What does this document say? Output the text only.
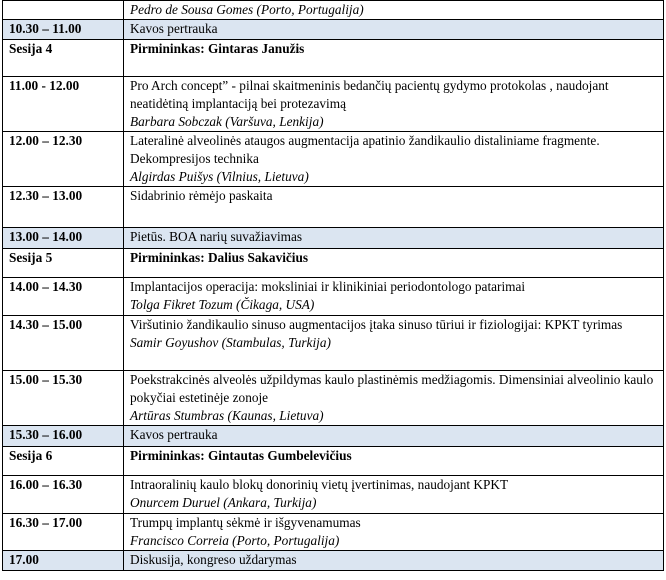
	Pedro de Sousa Gomes (Porto, Portugalija)

10.30 – 11.00	Kavos pertrauka

Sesija 4	Pirmininkas: Gintaras Janužis

11.00 - 12.00	Pro Arch concept” - pilnai skaitmeninis bedančių pacientų gydymo protokolas , naudojant neatidėtiną implantaciją bei protezavimą
Barbara Sobczak (Varšuva, Lenkija)

12.00 – 12.30	Lateralinė alveolinės ataugos augmentacija apatinio žandikaulio distaliniame fragmente. Dekompresijos technika
Algirdas Puišys (Vilnius, Lietuva)

12.30 – 13.00	Sidabrinio rėmėjo paskaita

13.00 – 14.00	Pietūs. BOA narių suvažiavimas

Sesija 5	Pirmininkas: Dalius Sakavičius

14.00 – 14.30	Implantacijos operacija: moksliniai ir klinikiniai periodontologo patarimai
Tolga Fikret Tozum (Čikaga, USA)

14.30 – 15.00	Viršutinio žandikaulio sinuso augmentacijos įtaka sinuso tūriui ir fiziologijai: KPKT tyrimas
Samir Goyushov (Stambulas, Turkija)

15.00 – 15.30	Poekstrakcinės alveolės užpildymas kaulo plastinėmis medžiagomis. Dimensiniai alveolinio kaulo pokyčiai estetinėje zonoje
Artūras Stumbras (Kaunas, Lietuva)

15.30 – 16.00	Kavos pertrauka

Sesija 6	Pirmininkas: Gintautas Gumbelevičius

16.00 – 16.30	Intraoralinių kaulo blokų donorinių vietų įvertinimas, naudojant KPKT
Onurcem Duruel (Ankara, Turkija)

16.30 – 17.00	Trumpų implantų sėkmė ir išgyvenamumas
Francisco Correia (Porto, Portugalija)

17.00	Diskusija, kongreso uždarymas
